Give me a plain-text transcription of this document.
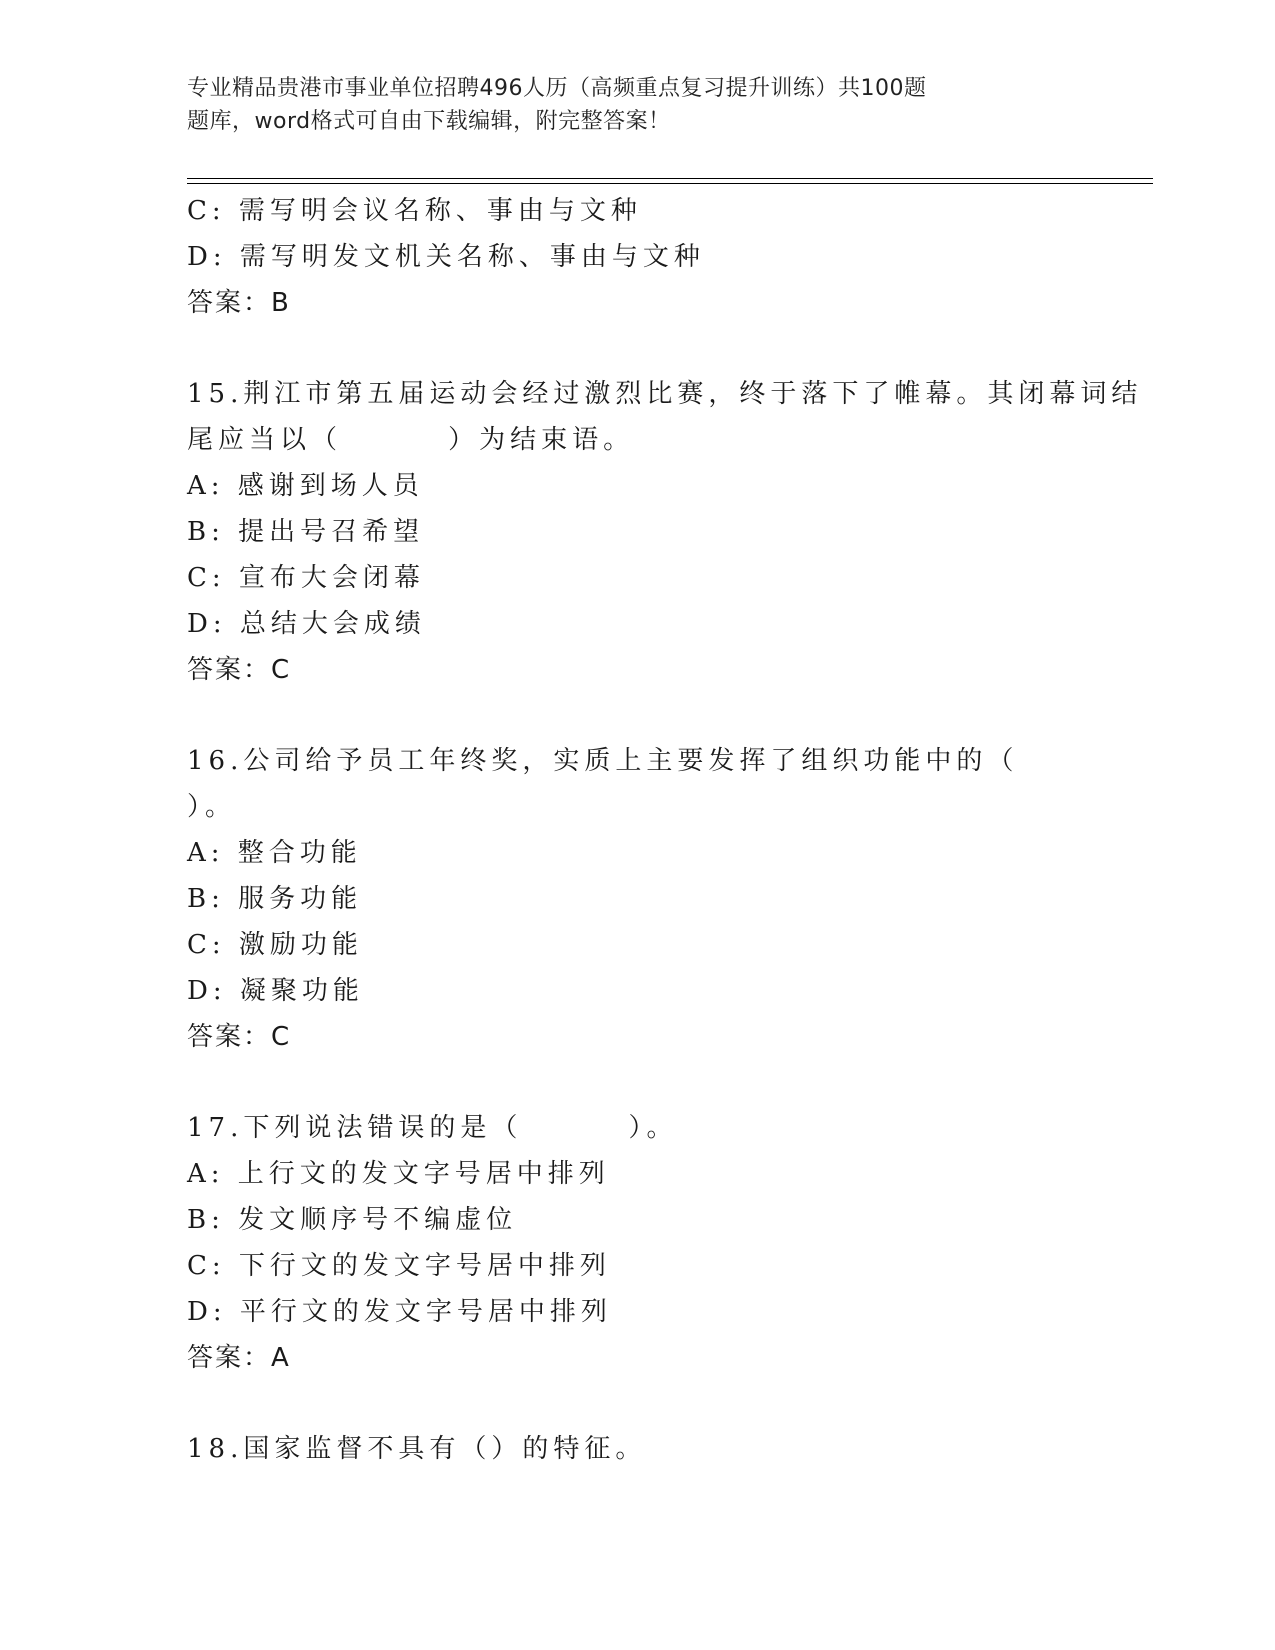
专业精品贵港市事业单位招聘496人历（高频重点复习提升训练）共100题
题库，word格式可自由下载编辑，附完整答案！
C: 需写明会议名称、事由与文种
D: 需写明发文机关名称、事由与文种
答案：B
15.荆江市第五届运动会经过激烈比赛，终于落下了帷幕。其闭幕词结
尾应当以（        ）为结束语。
A: 感谢到场人员
B: 提出号召希望
C: 宣布大会闭幕
D: 总结大会成绩
答案：C
16.公司给予员工年终奖，实质上主要发挥了组织功能中的（
）。
A: 整合功能
B: 服务功能
C: 激励功能
D: 凝聚功能
答案：C
17.下列说法错误的是（        ）。
A: 上行文的发文字号居中排列
B: 发文顺序号不编虚位
C: 下行文的发文字号居中排列
D: 平行文的发文字号居中排列
答案：A
18.国家监督不具有（）的特征。
